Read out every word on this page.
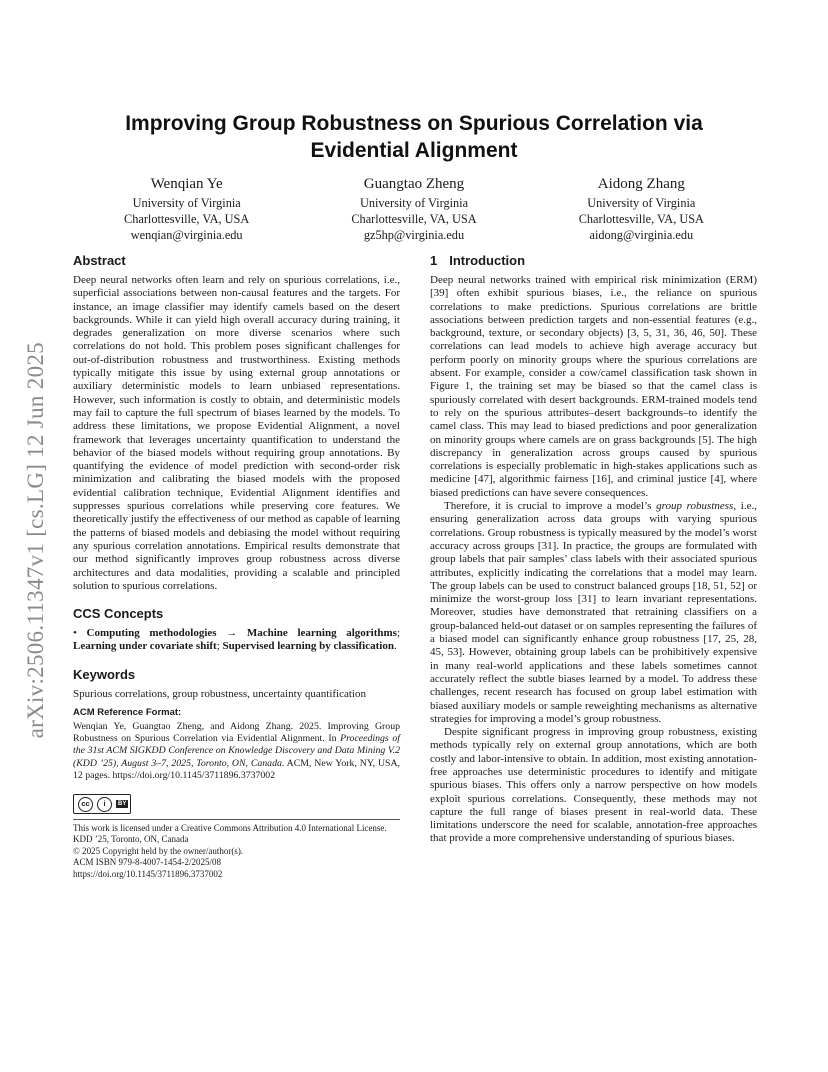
arXiv:2506.11347v1 [cs.LG] 12 Jun 2025
Improving Group Robustness on Spurious Correlation via Evidential Alignment
Wenqian Ye
University of Virginia
Charlottesville, VA, USA
wenqian@virginia.edu
Guangtao Zheng
University of Virginia
Charlottesville, VA, USA
gz5hp@virginia.edu
Aidong Zhang
University of Virginia
Charlottesville, VA, USA
aidong@virginia.edu
Abstract

Deep neural networks often learn and rely on spurious correlations, i.e., superficial associations between non-causal features and the targets. For instance, an image classifier may identify camels based on the desert backgrounds. While it can yield high overall accuracy during training, it degrades generalization on more diverse scenarios where such correlations do not hold. This problem poses significant challenges for out-of-distribution robustness and trustworthiness. Existing methods typically mitigate this issue by using external group annotations or auxiliary deterministic models to learn unbiased representations. However, such information is costly to obtain, and deterministic models may fail to capture the full spectrum of biases learned by the models. To address these limitations, we propose Evidential Alignment, a novel framework that leverages uncertainty quantification to understand the behavior of the biased models without requiring group annotations. By quantifying the evidence of model prediction with second-order risk minimization and calibrating the biased models with the proposed evidential calibration technique, Evidential Alignment identifies and suppresses spurious correlations while preserving core features. We theoretically justify the effectiveness of our method as capable of learning the patterns of biased models and debiasing the model without requiring any spurious correlation annotations. Empirical results demonstrate that our method significantly improves group robustness across diverse architectures and data modalities, providing a scalable and principled solution to spurious correlations.

CCS Concepts

• Computing methodologies → Machine learning algorithms; Learning under covariate shift; Supervised learning by classification.

Keywords

Spurious correlations, group robustness, uncertainty quantification

ACM Reference Format:
Wenqian Ye, Guangtao Zheng, and Aidong Zhang. 2025. Improving Group Robustness on Spurious Correlation via Evidential Alignment. In Proceedings of the 31st ACM SIGKDD Conference on Knowledge Discovery and Data Mining V.2 (KDD ’25), August 3–7, 2025, Toronto, ON, Canada. ACM, New York, NY, USA, 12 pages. https://doi.org/10.1145/3711896.3737002
cc	i	BY
This work is licensed under a Creative Commons Attribution 4.0 International License.
KDD ’25, Toronto, ON, Canada
© 2025 Copyright held by the owner/author(s).
ACM ISBN 979-8-4007-1454-2/2025/08
https://doi.org/10.1145/3711896.3737002
1 Introduction

Deep neural networks trained with empirical risk minimization (ERM) [39] often exhibit spurious biases, i.e., the reliance on spurious correlations to make predictions. Spurious correlations are brittle associations between prediction targets and non-essential features (e.g., background, texture, or secondary objects) [3, 5, 31, 36, 46, 50]. These correlations can lead models to achieve high average accuracy but perform poorly on minority groups where the spurious correlations are absent. For example, consider a cow/camel classification task shown in Figure 1, the training set may be biased so that the camel class is spuriously correlated with desert backgrounds. ERM-trained models tend to rely on the spurious attributes–desert backgrounds–to identify the camel class. This may lead to biased predictions and poor generalization on minority groups where camels are on grass backgrounds [5]. The high discrepancy in generalization across groups caused by spurious correlations is especially problematic in high-stakes applications such as medicine [47], algorithmic fairness [16], and criminal justice [4], where biased predictions can have severe consequences.

Therefore, it is crucial to improve a model’s group robustness, i.e., ensuring generalization across data groups with varying spurious correlations. Group robustness is typically measured by the model’s worst accuracy across groups [31]. In practice, the groups are formulated with group labels that pair samples’ class labels with their associated spurious attributes, explicitly indicating the correlations that a model may learn. The group labels can be used to construct balanced groups [18, 51, 52] or minimize the worst-group loss [31] to learn invariant representations. Moreover, studies have demonstrated that retraining classifiers on a group-balanced held-out dataset or on samples representing the failures of a biased model can significantly enhance group robustness [17, 25, 28, 45, 53]. However, obtaining group labels can be prohibitively expensive in many real-world applications and these labels sometimes cannot accurately reflect the subtle biases learned by a model. To address these challenges, recent research has focused on group label estimation with biased auxiliary models or sample reweighting mechanisms as alternative strategies for improving a model’s group robustness.

Despite significant progress in improving group robustness, existing methods typically rely on external group annotations, which are both costly and labor-intensive to obtain. In addition, most existing annotation-free approaches use deterministic procedures to identify and mitigate spurious biases. This offers only a narrow perspective on how models exploit spurious correlations. Consequently, these methods may not capture the full range of biases present in real-world data. These limitations underscore the need for scalable, annotation-free approaches that provide a more comprehensive understanding of spurious biases.
